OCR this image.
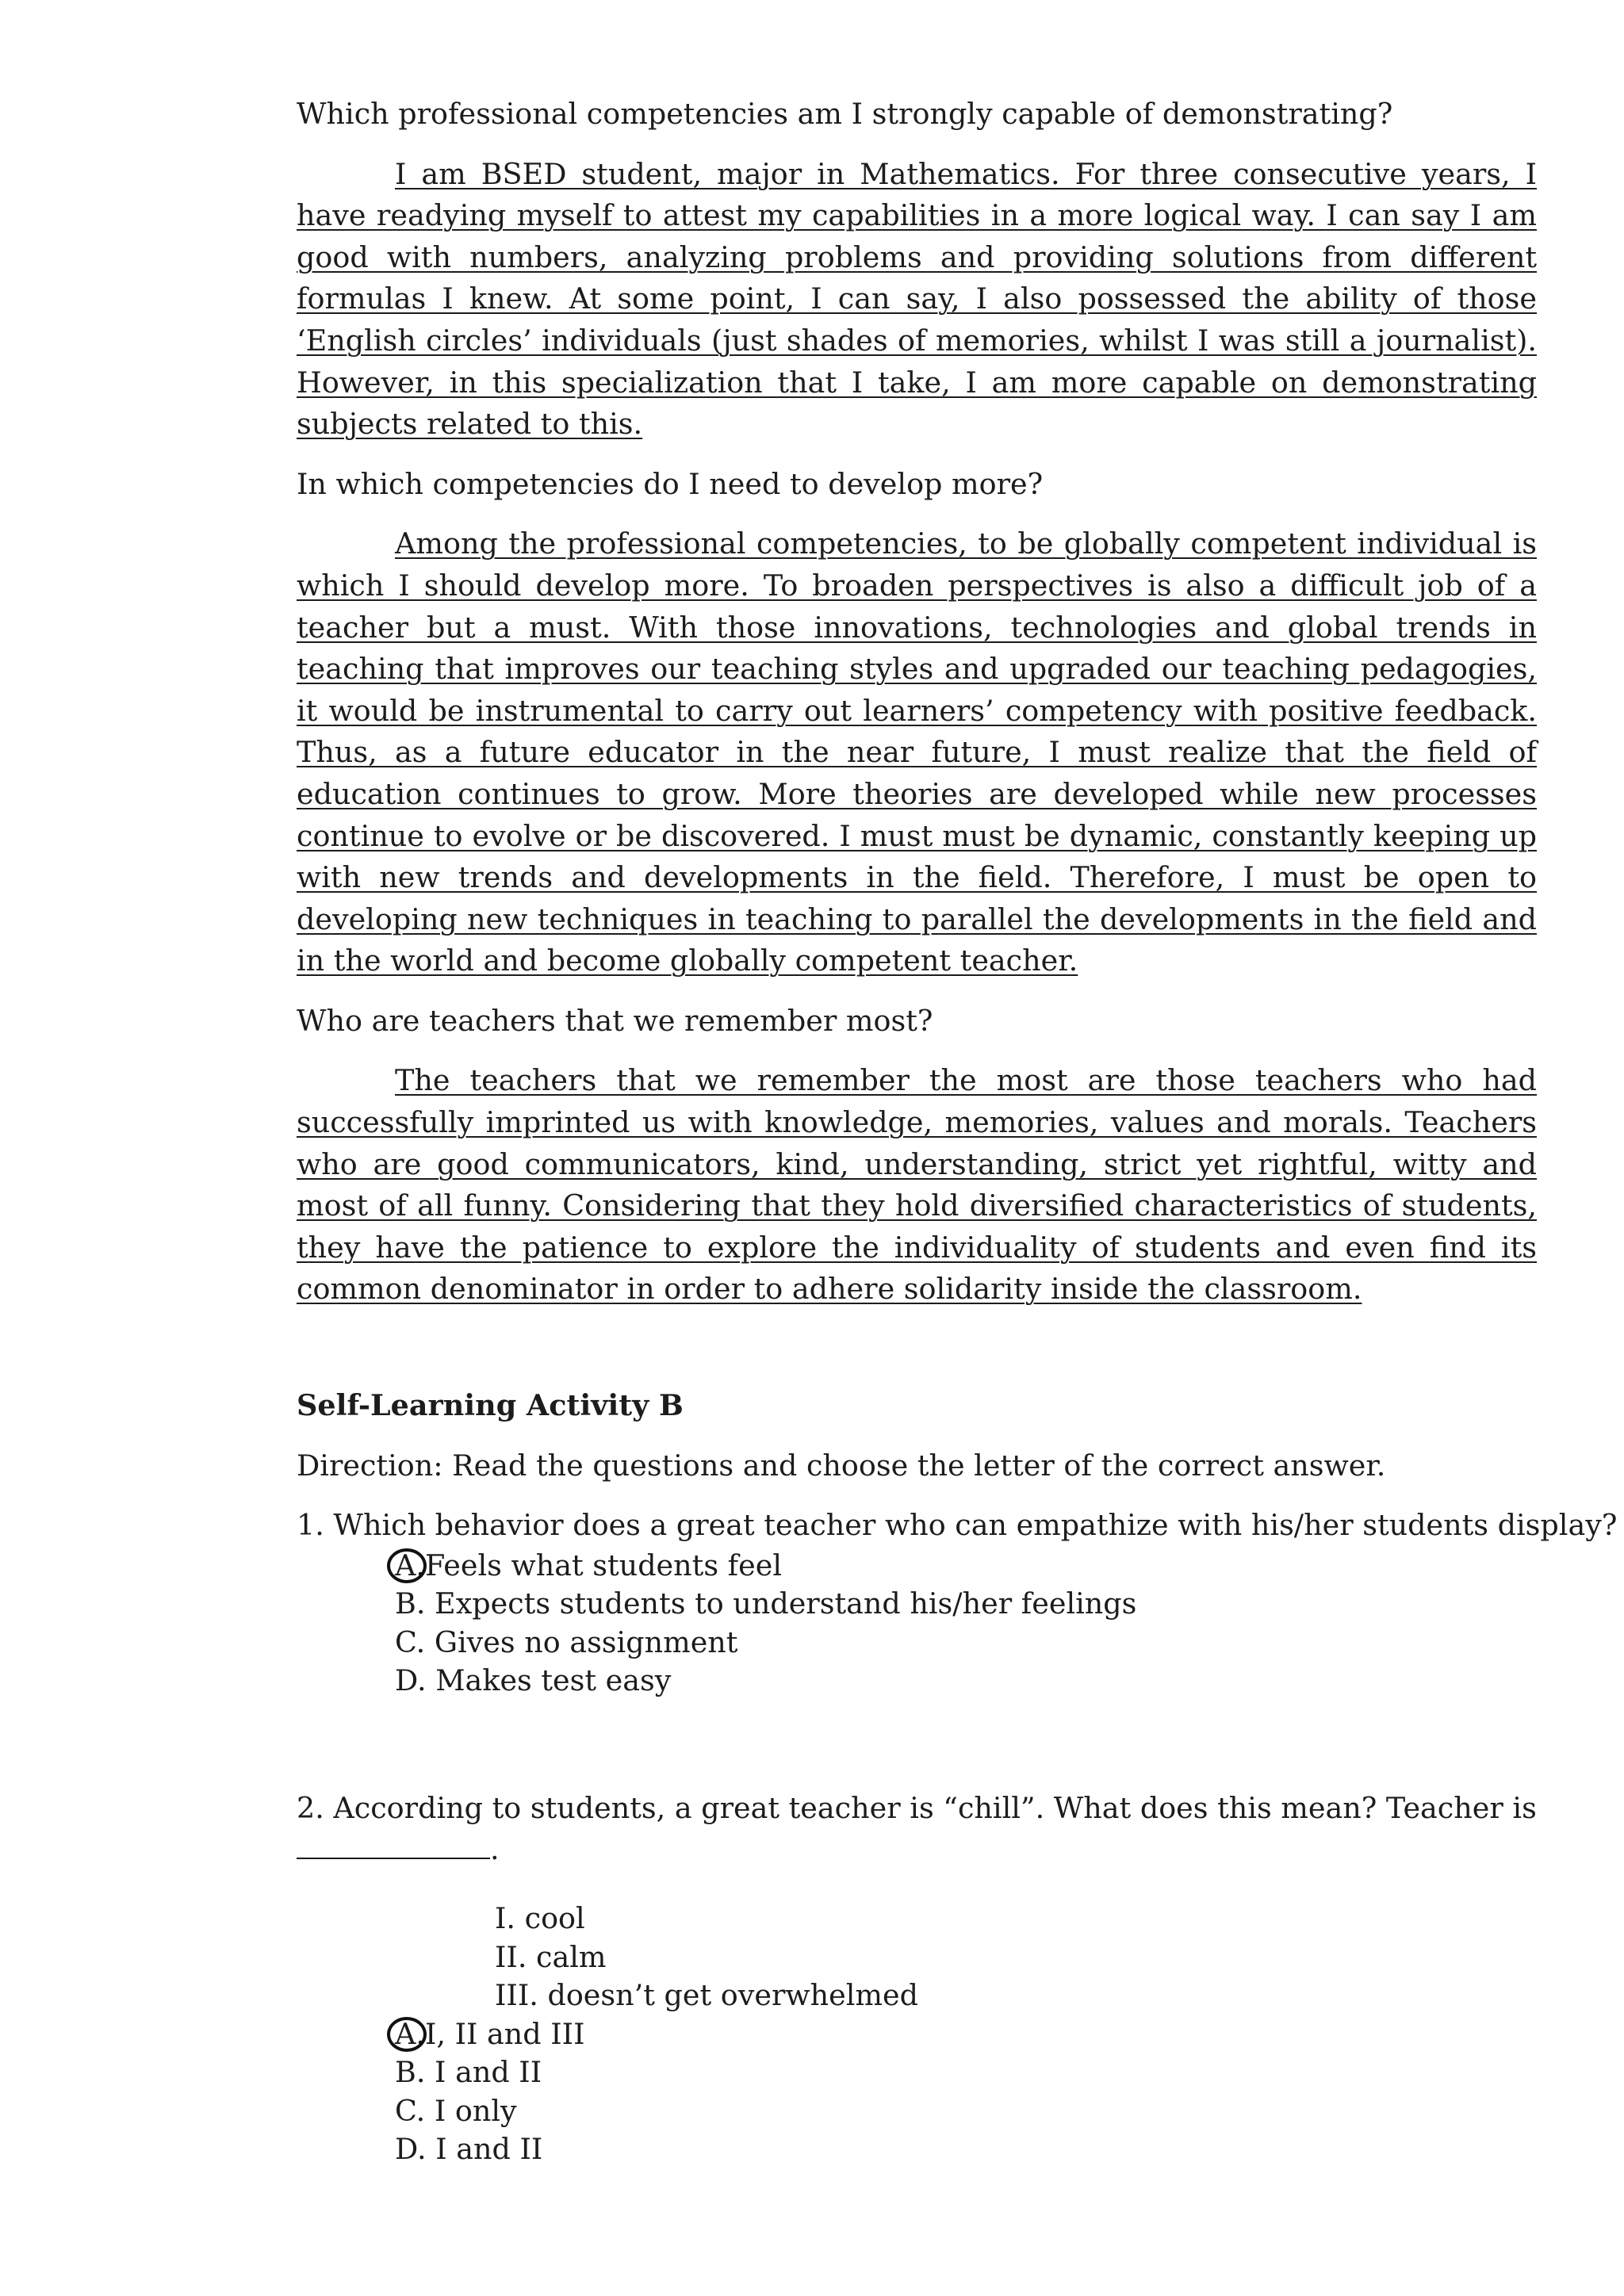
Which professional competencies am I strongly capable of demonstrating?

I am BSED student, major in Mathematics. For three consecutive years, I have readying myself to attest my capabilities in a more logical way. I can say I am good with numbers, analyzing problems and providing solutions from different formulas I knew. At some point, I can say, I also possessed the ability of those ‘English circles’ individuals (just shades of memories, whilst I was still a journalist). However, in this specialization that I take, I am more capable on demonstrating subjects related to this.

In which competencies do I need to develop more?

Among the professional competencies, to be globally competent individual is which I should develop more. To broaden perspectives is also a difficult job of a teacher but a must. With those innovations, technologies and global trends in teaching that improves our teaching styles and upgraded our teaching pedagogies, it would be instrumental to carry out learners’ competency with positive feedback. Thus, as a future educator in the near future, I must realize that the field of education continues to grow. More theories are developed while new processes continue to evolve or be discovered. I must must be dynamic, constantly keeping up with new trends and developments in the field. Therefore, I must be open to developing new techniques in teaching to parallel the developments in the field and in the world and become globally competent teacher.

Who are teachers that we remember most?

The teachers that we remember the most are those teachers who had successfully imprinted us with knowledge, memories, values and morals. Teachers who are good communicators, kind, understanding, strict yet rightful, witty and most of all funny. Considering that they hold diversified characteristics of students, they have the patience to explore the individuality of students and even find its common denominator in order to adhere solidarity inside the classroom.

Self-Learning Activity B

Direction: Read the questions and choose the letter of the correct answer.

1. Which behavior does a great teacher who can empathize with his/her students display?

A.Feels what students feel
B. Expects students to understand his/her feelings
C. Gives no assignment
D. Makes test easy

2. According to students, a great teacher is “chill”. What does this mean? Teacher is
.

I. cool
II. calm
III. doesn’t get overwhelmed
A.I, II and III
B. I and II
C. I only
D. I and II
